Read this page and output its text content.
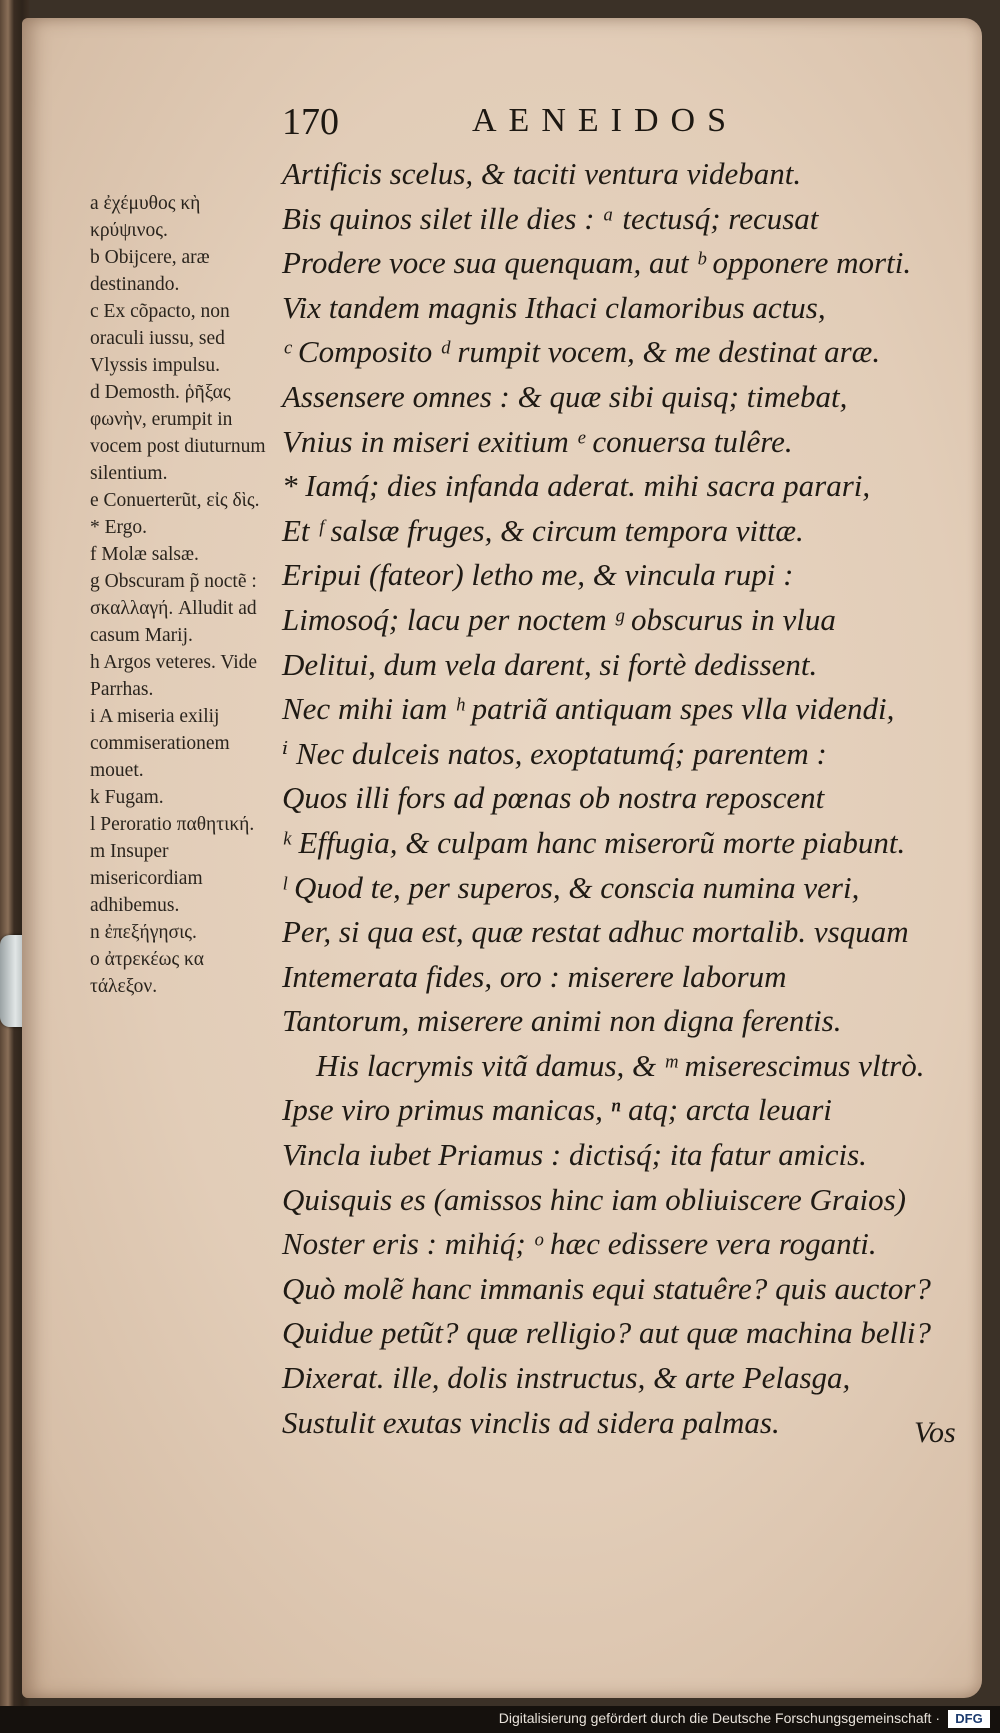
170	AENEIDOS
Artificis scelus, & taciti ventura videbant.
Bis quinos silet ille dies : ᵃ tectusq́; recusat
Prodere voce sua quenquam, aut ᵇ opponere morti.
Vix tandem magnis Ithaci clamoribus actus,
ᶜ Composito ᵈ rumpit vocem, & me destinat aræ.
Assensere omnes : & quæ sibi quisq; timebat,
Vnius in miseri exitium ᵉ conuersa tulêre.
* Iamq́; dies infanda aderat. mihi sacra parari,
Et ᶠ salsæ fruges, & circum tempora vittæ.
Eripui (fateor) letho me, & vincula rupi :
Limosoq́; lacu per noctem ᵍ obscurus in vlua
Delitui, dum vela darent, si fortè dedissent.
Nec mihi iam ʰ patriã antiquam spes vlla videndi,
ⁱ Nec dulceis natos, exoptatumq́; parentem :
Quos illi fors ad pœnas ob nostra reposcent
ᵏ Effugia, & culpam hanc miserorũ morte piabunt.
ˡ Quod te, per superos, & conscia numina veri,
Per, si qua est, quæ restat adhuc mortalib. vsquam
Intemerata fides, oro : miserere laborum
Tantorum, miserere animi non digna ferentis.
His lacrymis vitã damus, & ᵐ miserescimus vltrò.
Ipse viro primus manicas, ⁿ atq; arcta leuari
Vincla iubet Priamus : dictisq́; ita fatur amicis.
Quisquis es (amissos hinc iam obliuiscere Graios)
Noster eris : mihiq́; ᵒ hæc edissere vera roganti.
Quò molẽ hanc immanis equi statuêre? quis auctor?
Quidue petũt? quæ relligio? aut quæ machina belli?
Dixerat. ille, dolis instructus, & arte Pelasga,
Sustulit exutas vinclis ad sidera palmas.
a ἐχέμυθος κὴ κρύψινος.
b Obijcere, aræ destinando.
c Ex cõpacto, non oraculi iussu, sed Vlyssis impulsu.
d Demosth. ῥῆξας φωνὴν, erumpit in vocem post diuturnum silentium.
e Conuerterũt, εἰς δὶς.
* Ergo.
f Molæ salsæ.
g Obscuram p̃ noctẽ : σκαλλαγή. Alludit ad casum Marij.
h Argos veteres. Vide Parrhas.
i A miseria exilij commiserationem mouet.
k Fugam.
l Peroratio παθητική.
m Insuper misericordiam adhibemus.
n ἐπεξήγησις.
o ἀτρεκέως κα τάλεξον.
Vos
Digitalisierung gefördert durch die Deutsche Forschungsgemeinschaft ·	DFG
